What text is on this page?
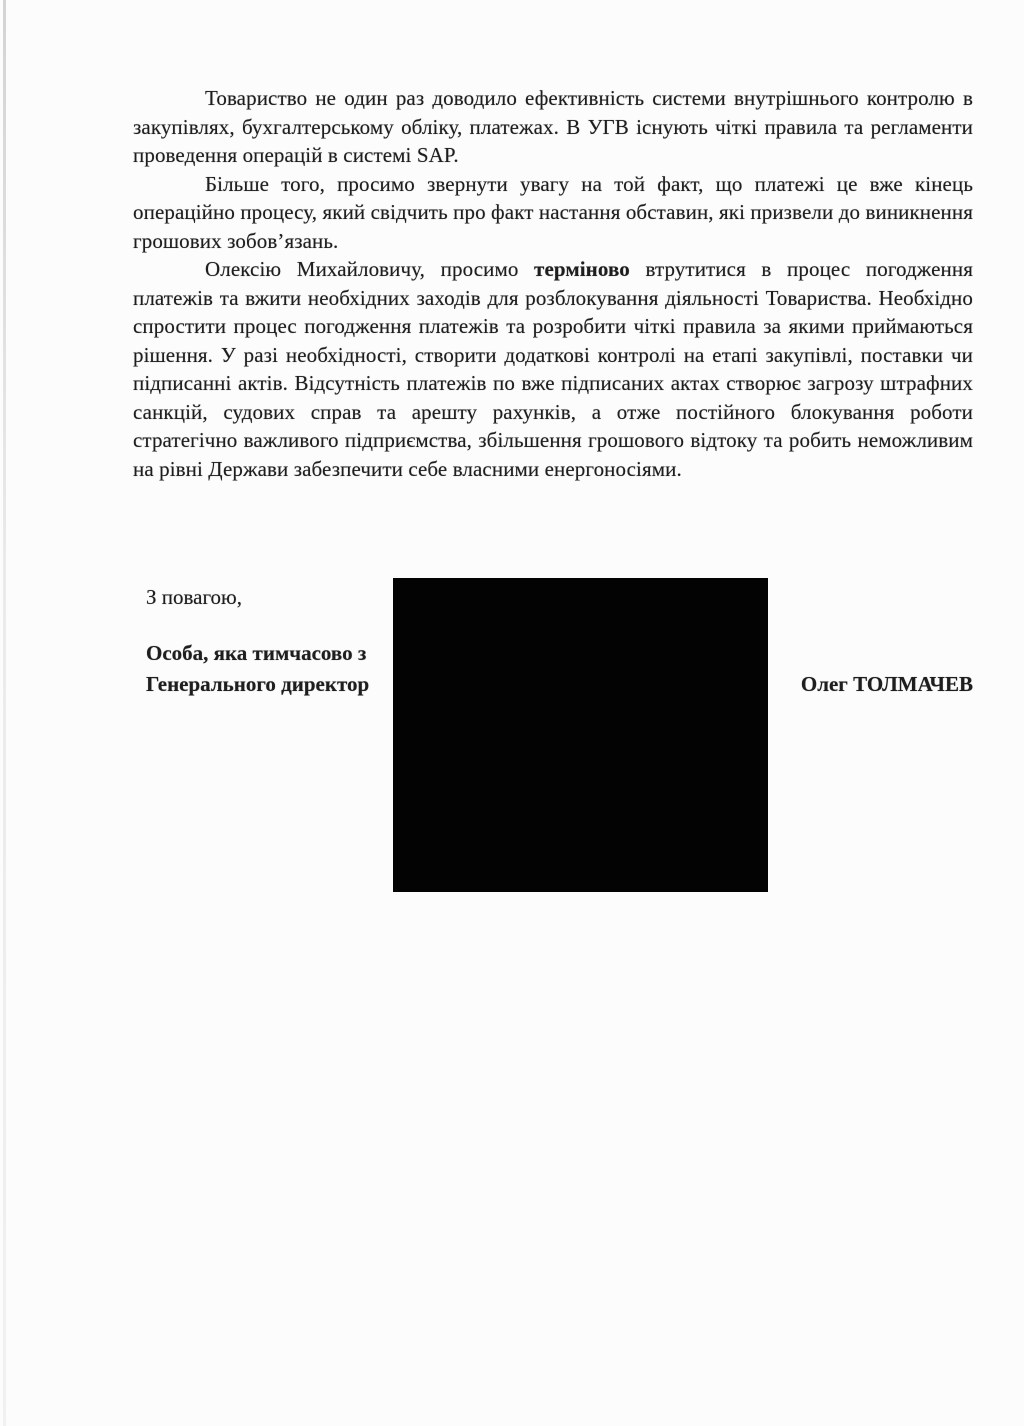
Товариство не один раз доводило ефективність системи внутрішнього контролю в закупівлях, бухгалтерському обліку, платежах. В УГВ існують чіткі правила та регламенти проведення операцій в системі SAP.

Більше того, просимо звернути увагу на той факт, що платежі це вже кінець операційно процесу, який свідчить про факт настання обставин, які призвели до виникнення грошових зобов’язань.

Олексію Михайловичу, просимо терміново втрутитися в процес погодження платежів та вжити необхідних заходів для розблокування діяльності Товариства. Необхідно спростити процес погодження платежів та розробити чіткі правила за якими приймаються рішення. У разі необхідності, створити додаткові контролі на етапі закупівлі, поставки чи підписанні актів. Відсутність платежів по вже підписаних актах створює загрозу штрафних санкцій, судових справ та арешту рахунків, а отже постійного блокування роботи стратегічно важливого підприємства, збільшення грошового відтоку та робить неможливим на рівні Держави забезпечити себе власними енергоносіями.

З повагою,
Особа, яка тимчасово з
Генерального директор	Олег ТОЛМАЧЕВ
